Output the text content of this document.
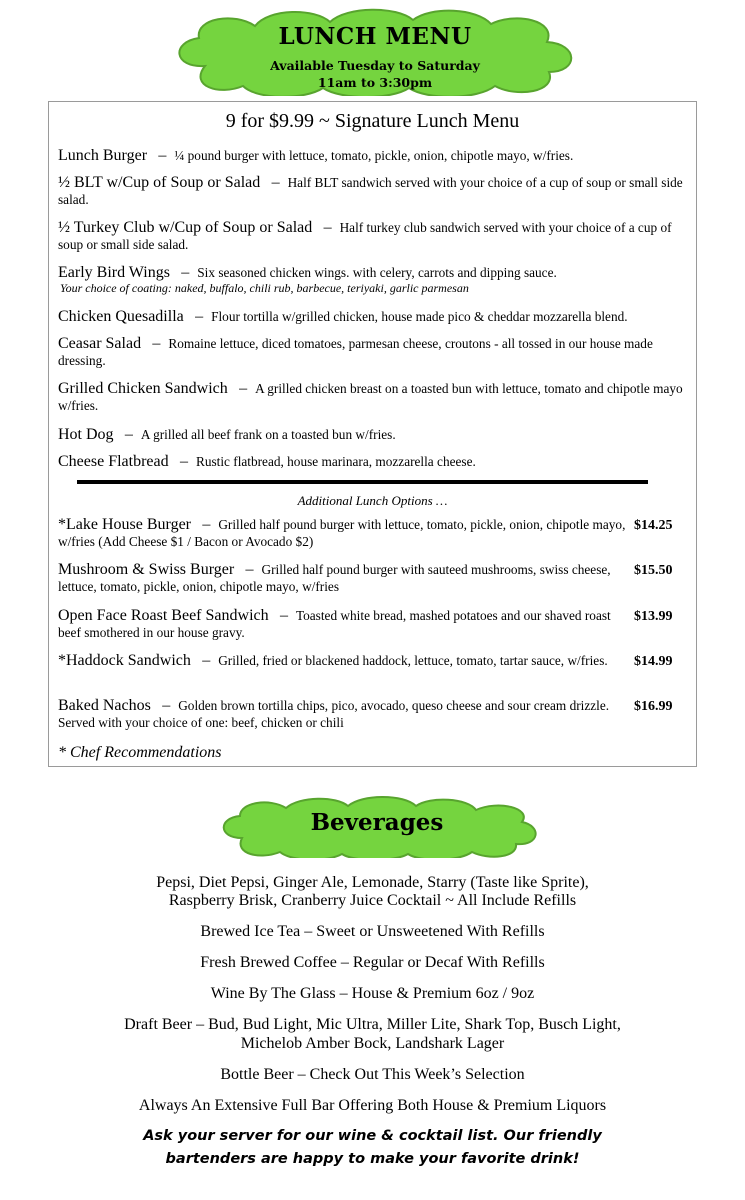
LUNCH MENU
Available Tuesday to Saturday
11am to 3:30pm
9 for $9.99 ~ Signature Lunch Menu
Lunch Burger   –  ¼ pound burger with lettuce, tomato, pickle, onion, chipotle mayo, w/fries.
½ BLT w/Cup of Soup or Salad   –  Half BLT sandwich served with your choice of a cup of soup or small side salad.
½ Turkey Club w/Cup of Soup or Salad   –  Half turkey club sandwich served with your choice of a cup of soup or small side salad.
Early Bird Wings   –  Six seasoned chicken wings. with celery, carrots and dipping sauce.
Your choice of coating: naked, buffalo, chili rub, barbecue, teriyaki, garlic parmesan
Chicken Quesadilla   –  Flour tortilla w/grilled chicken, house made pico & cheddar mozzarella blend.
Ceasar Salad   –  Romaine lettuce, diced tomatoes, parmesan cheese, croutons - all tossed in our house made dressing.
Grilled Chicken Sandwich   –  A grilled chicken breast on a toasted bun with lettuce, tomato and chipotle mayo w/fries.
Hot Dog   –  A grilled all beef frank on a toasted bun w/fries.
Cheese Flatbread   –  Rustic flatbread, house marinara, mozzarella cheese.
Additional Lunch Options …
*Lake House Burger   –  Grilled half pound burger with lettuce, tomato, pickle, onion, chipotle mayo, w/fries (Add Cheese $1 / Bacon or Avocado $2)
$14.25
Mushroom & Swiss Burger   –  Grilled half pound burger with sauteed mushrooms, swiss cheese, lettuce, tomato, pickle, onion, chipotle mayo, w/fries
$15.50
Open Face Roast Beef Sandwich   –  Toasted white bread, mashed potatoes and our shaved roast beef smothered in our house gravy.
$13.99
*Haddock Sandwich   –  Grilled, fried or blackened haddock, lettuce, tomato, tartar sauce, w/fries.	$14.99
Baked Nachos   –  Golden brown tortilla chips, pico, avocado, queso cheese and sour cream drizzle. Served with your choice of one: beef, chicken or chili
$16.99
* Chef Recommendations
Beverages
Pepsi, Diet Pepsi, Ginger Ale, Lemonade, Starry (Taste like Sprite),
Raspberry Brisk, Cranberry Juice Cocktail ~ All Include Refills
Brewed Ice Tea – Sweet or Unsweetened With Refills
Fresh Brewed Coffee – Regular or Decaf With Refills
Wine By The Glass – House & Premium 6oz / 9oz
Draft Beer – Bud, Bud Light, Mic Ultra, Miller Lite, Shark Top, Busch Light,
Michelob Amber Bock, Landshark Lager
Bottle Beer – Check Out This Week’s Selection
Always An Extensive Full Bar Offering Both House & Premium Liquors
Ask your server for our wine & cocktail list. Our friendly
bartenders are happy to make your favorite drink!
